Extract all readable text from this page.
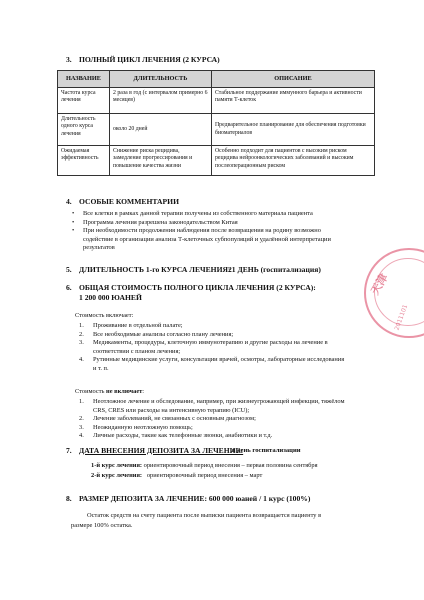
3. ПОЛНЫЙ ЦИКЛ ЛЕЧЕНИЯ (2 КУРСА)
НАЗВАНИЕ	ДЛИТЕЛЬНОСТЬ	ОПИСАНИЕ
Частота курса лечения	2 раза в год (с интервалом примерно 6 месяцев)	Стабильное поддержание иммунного барьера и активности памяти Т-клеток
Длительность одного курса лечения	около 20 дней	Предварительное планирование для обеспечения подготовки биоматериалов
Ожидаемая эффективность	Снижение риска рецидива, замедление прогрессирования и повышение качества жизни	Особенно подходит для пациентов с высоким риском рецидива нейроонкологических заболеваний и высоким послеоперационным риском
4. ОСОБЫЕ КОММЕНТАРИИ
• Все клетки в рамках данной терапии получены из собственного материала пациента
• Программа лечения разрешена законодательством Китая
• При необходимости продолжения наблюдения после возвращения на родину возможно содействие в организации анализа Т-клеточных субпопуляций и удалённой интерпретации результатов
5. ДЛИТЕЛЬНОСТЬ 1-го КУРСА ЛЕЧЕНИЯ:
21 ДЕНЬ (госпитализация)
6. ОБЩАЯ СТОИМОСТЬ ПОЛНОГО ЦИКЛА ЛЕЧЕНИЯ (2 КУРСА):
1 200 000 ЮАНЕЙ
Стоимость включает:
1. Проживание в отдельной палате;
2. Все необходимые анализы согласно плану лечения;
3. Медикаменты, процедуры, клеточную иммунотерапию и другие расходы на лечение в соответствии с планом лечения;
4. Рутинные медицинские услуги, консультации врачей, осмотры, лабораторные исследования и т. п.
Стоимость не включает:
1. Неотложное лечение и обследование, например, при жизнеугрожающей инфекции, тяжёлом CRS, CRES или расходы на интенсивную терапию (ICU);
2. Лечение заболеваний, не связанных с основным диагнозом;
3. Неожиданную неотложную помощь;
4. Личные расходы, такие как телефонные звонки, анабиотики и т.д.
7. ДАТА ВНЕСЕНИЯ ДЕПОЗИТА ЗА ЛЕЧЕНИЕ:
в день госпитализации
1-й курс лечения: ориентировочный период внесения – первая половина сентября
2-й курс лечения: ориентировочный период внесения – март
8. РАЗМЕР ДЕПОЗИТА ЗА ЛЕЧЕНИЕ: 600 000 юаней / 1 курс (100%)
Остаток средств на счету пациента после выписки пациента возвращается пациенту в
размере 100% остатка.
天津
2011101
